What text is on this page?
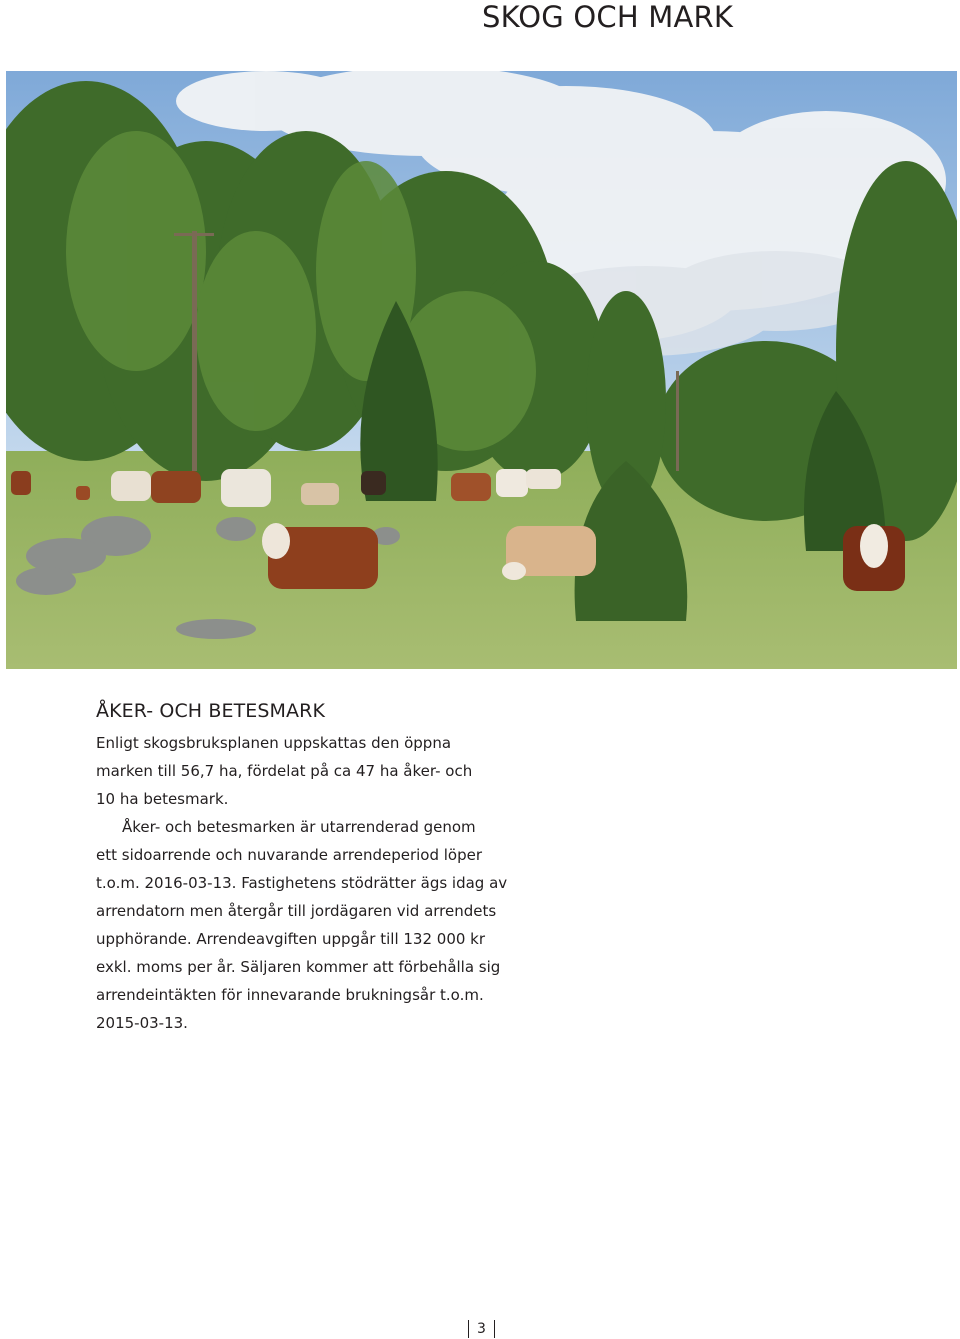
SKOG OCH MARK
ÅKER- OCH BETESMARK

Enligt skogsbruksplanen uppskattas den öppna

marken till 56,7 ha, fördelat på ca 47 ha åker- och

10 ha betesmark.

Åker- och betesmarken är utarrenderad genom

ett sidoarrende och nuvarande arrendeperiod löper

t.o.m. 2016-03-13. Fastighetens stödrätter ägs idag av

arrendatorn men återgår till jordägaren vid arrendets

upphörande. Arrendeavgiften uppgår till 132 000 kr

exkl. moms per år. Säljaren kommer att förbehålla sig

arrendeintäkten för innevarande brukningsår t.o.m.

2015-03-13.

3
